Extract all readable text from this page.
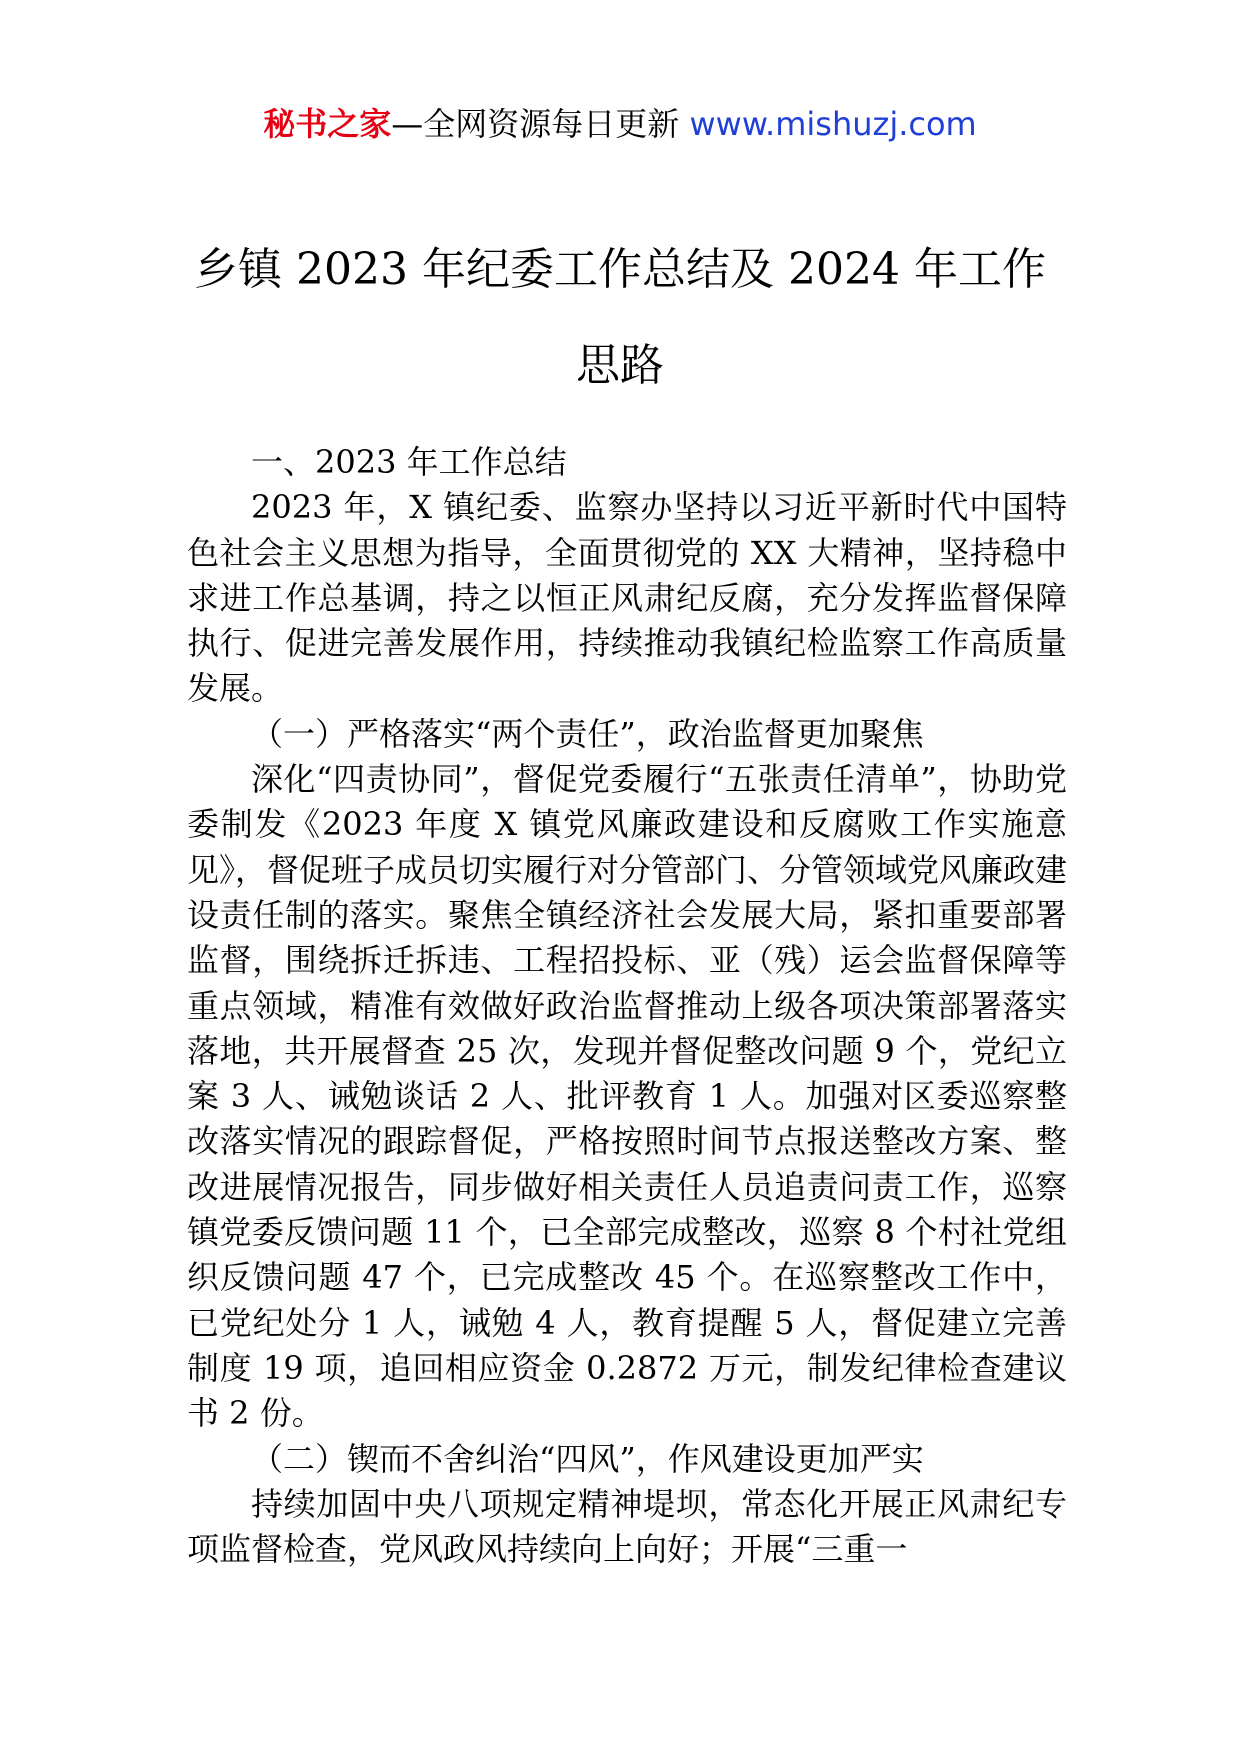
秘书之家—全网资源每日更新 www.mishuzj.com
乡镇 2023 年纪委工作总结及 2024 年工作
思路

一、2023 年工作总结

2023 年，X 镇纪委、监察办坚持以习近平新时代中国特色社会主义思想为指导，全面贯彻党的 XX 大精神，坚持稳中求进工作总基调，持之以恒正风肃纪反腐，充分发挥监督保障执行、促进完善发展作用，持续推动我镇纪检监察工作高质量发展。

（一）严格落实“两个责任”，政治监督更加聚焦

深化“四责协同”，督促党委履行“五张责任清单”，协助党委制发《2023 年度 X 镇党风廉政建设和反腐败工作实施意见》，督促班子成员切实履行对分管部门、分管领域党风廉政建设责任制的落实。聚焦全镇经济社会发展大局，紧扣重要部署监督，围绕拆迁拆违、工程招投标、亚（残）运会监督保障等重点领域，精准有效做好政治监督推动上级各项决策部署落实落地，共开展督查 25 次，发现并督促整改问题 9 个，党纪立案 3 人、诫勉谈话 2 人、批评教育 1 人。加强对区委巡察整改落实情况的跟踪督促，严格按照时间节点报送整改方案、整改进展情况报告，同步做好相关责任人员追责问责工作，巡察镇党委反馈问题 11 个，已全部完成整改，巡察 8 个村社党组织反馈问题 47 个，已完成整改 45 个。在巡察整改工作中，已党纪处分 1 人，诫勉 4 人，教育提醒 5 人，督促建立完善制度 19 项，追回相应资金 0.2872 万元，制发纪律检查建议书 2 份。

（二）锲而不舍纠治“四风”，作风建设更加严实

持续加固中央八项规定精神堤坝，常态化开展正风肃纪专项监督检查，党风政风持续向上向好；开展“三重一
